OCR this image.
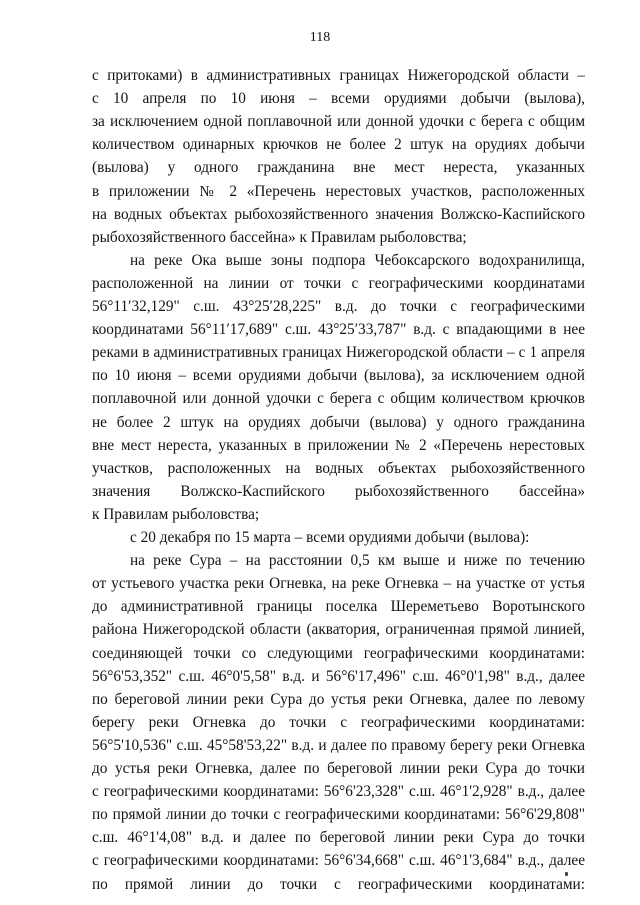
118
с притоками) в административных границах Нижегородской области –
с 10 апреля по 10 июня – всеми орудиями добычи (вылова),
за исключением одной поплавочной или донной удочки с берега с общим
количеством одинарных крючков не более 2 штук на орудиях добычи
(вылова) у одного гражданина вне мест нереста, указанных
в приложении № 2 «Перечень нерестовых участков, расположенных
на водных объектах рыбохозяйственного значения Волжско-Каспийского
рыбохозяйственного бассейна» к Правилам рыболовства;
на реке Ока выше зоны подпора Чебоксарского водохранилища,
расположенной на линии от точки с географическими координатами
56°11′32,129" с.ш. 43°25′28,225" в.д. до точки с географическими
координатами 56°11′17,689" с.ш. 43°25′33,787" в.д. с впадающими в нее
реками в административных границах Нижегородской области – с 1 апреля
по 10 июня – всеми орудиями добычи (вылова), за исключением одной
поплавочной или донной удочки с берега с общим количеством крючков
не более 2 штук на орудиях добычи (вылова) у одного гражданина
вне мест нереста, указанных в приложении № 2 «Перечень нерестовых
участков, расположенных на водных объектах рыбохозяйственного
значения Волжско-Каспийского рыбохозяйственного бассейна»
к Правилам рыболовства;
с 20 декабря по 15 марта – всеми орудиями добычи (вылова):
на реке Сура – на расстоянии 0,5 км выше и ниже по течению
от устьевого участка реки Огневка, на реке Огневка – на участке от устья
до административной границы поселка Шереметьево Воротынского
района Нижегородской области (акватория, ограниченная прямой линией,
соединяющей точки со следующими географическими координатами:
56°6'53,352" с.ш. 46°0'5,58" в.д. и 56°6'17,496" с.ш. 46°0'1,98" в.д., далее
по береговой линии реки Сура до устья реки Огневка, далее по левому
берегу реки Огневка до точки с географическими координатами:
56°5'10,536" с.ш. 45°58'53,22" в.д. и далее по правому берегу реки Огневка
до устья реки Огневка, далее по береговой линии реки Сура до точки
с географическими координатами: 56°6'23,328" с.ш. 46°1'2,928" в.д., далее
по прямой линии до точки с географическими координатами: 56°6'29,808"
с.ш. 46°1'4,08" в.д. и далее по береговой линии реки Сура до точки
с географическими координатами: 56°6'34,668" с.ш. 46°1'3,684" в.д., далее
по прямой линии до точки с географическими координатами:
